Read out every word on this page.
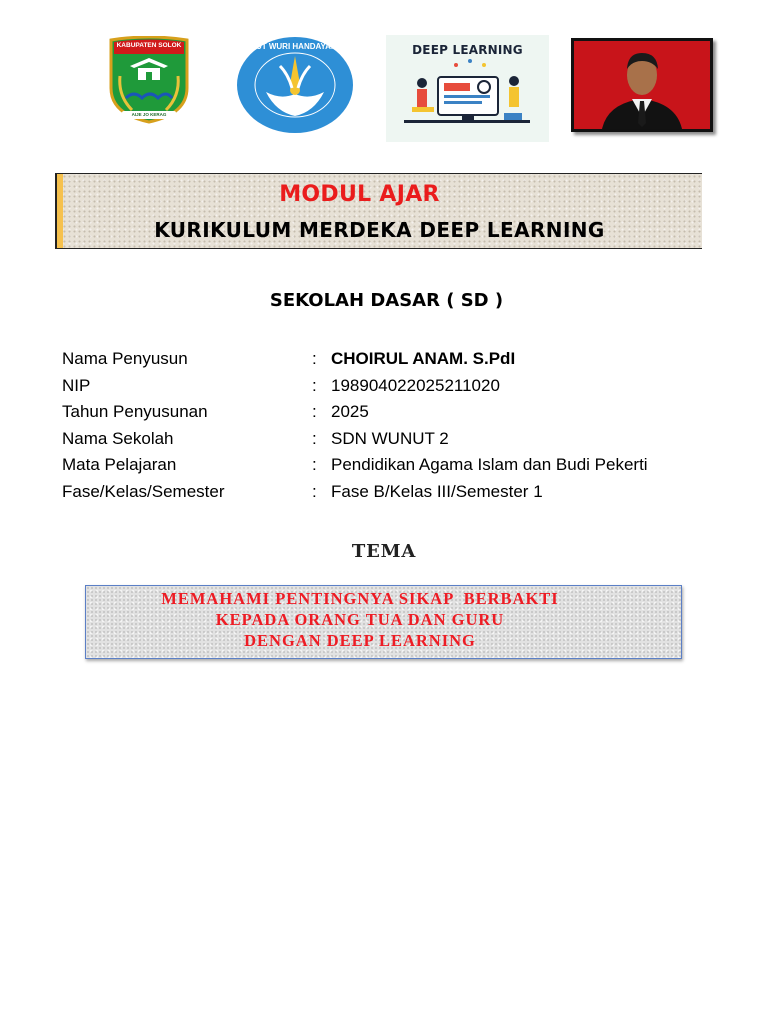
KABUPATEN SOLOK
AIJE JO KERAG
TUT WURI HANDAYANI	DEEP LEARNING
MODUL AJAR
KURIKULUM MERDEKA DEEP LEARNING
SEKOLAH DASAR ( SD )
Nama Penyusun	: CHOIRUL ANAM. S.PdI
NIP	: 198904022025211020
Tahun Penyusunan	: 2025
Nama Sekolah	: SDN WUNUT 2
Mata Pelajaran	: Pendidikan Agama Islam dan Budi Pekerti
Fase/Kelas/Semester	: Fase B/Kelas III/Semester 1
TEMA
MEMAHAMI PENTINGNYA SIKAP  BERBAKTI
KEPADA ORANG TUA DAN GURU
DENGAN DEEP LEARNING
